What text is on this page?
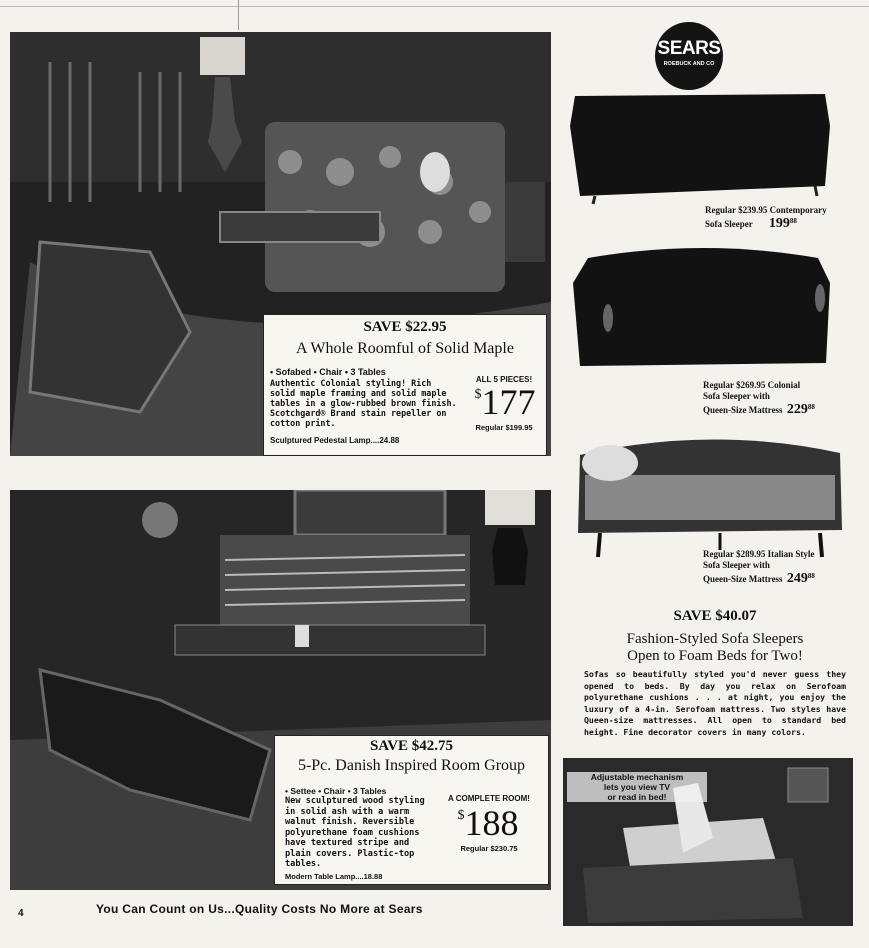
SEARS
ROEBUCK AND CO
SAVE $22.95
A Whole Roomful of Solid Maple
• Sofabed • Chair • 3 Tables
Authentic Colonial styling! Rich solid maple framing and solid maple tables in a glow-rubbed brown finish. Scotchgard® Brand stain repeller on cotton print.
Sculptured Pedestal Lamp....24.88
ALL 5 PIECES!
$177
Regular $199.95
Regular $239.95 Contemporary
Sofa Sleeper $199^{88}$
Regular $269.95 Colonial
Sofa Sleeper with
Queen-Size Mattress $229^{88}$
Regular $289.95 Italian Style
Sofa Sleeper with
Queen-Size Mattress $249^{88}$
SAVE $40.07
Fashion-Styled Sofa Sleepers
Open to Foam Beds for Two!
Sofas so beautifully styled you'd never guess they opened to beds. By day you relax on Serofoam polyurethane cushions . . . at night, you enjoy the luxury of a 4-in. Serofoam mattress. Two styles have Queen-size mattresses. All open to standard bed height. Fine decorator covers in many colors.
Adjustable mechanism
lets you view TV
or read in bed!
SAVE $42.75
5-Pc. Danish Inspired Room Group
• Settee • Chair • 3 Tables
New sculptured wood styling in solid ash with a warm walnut finish. Reversible polyurethane foam cushions have textured stripe and plain covers. Plastic-top tables.
Modern Table Lamp....18.88
A COMPLETE ROOM!
$188
Regular $230.75
4	You Can Count on Us...Quality Costs No More at Sears
